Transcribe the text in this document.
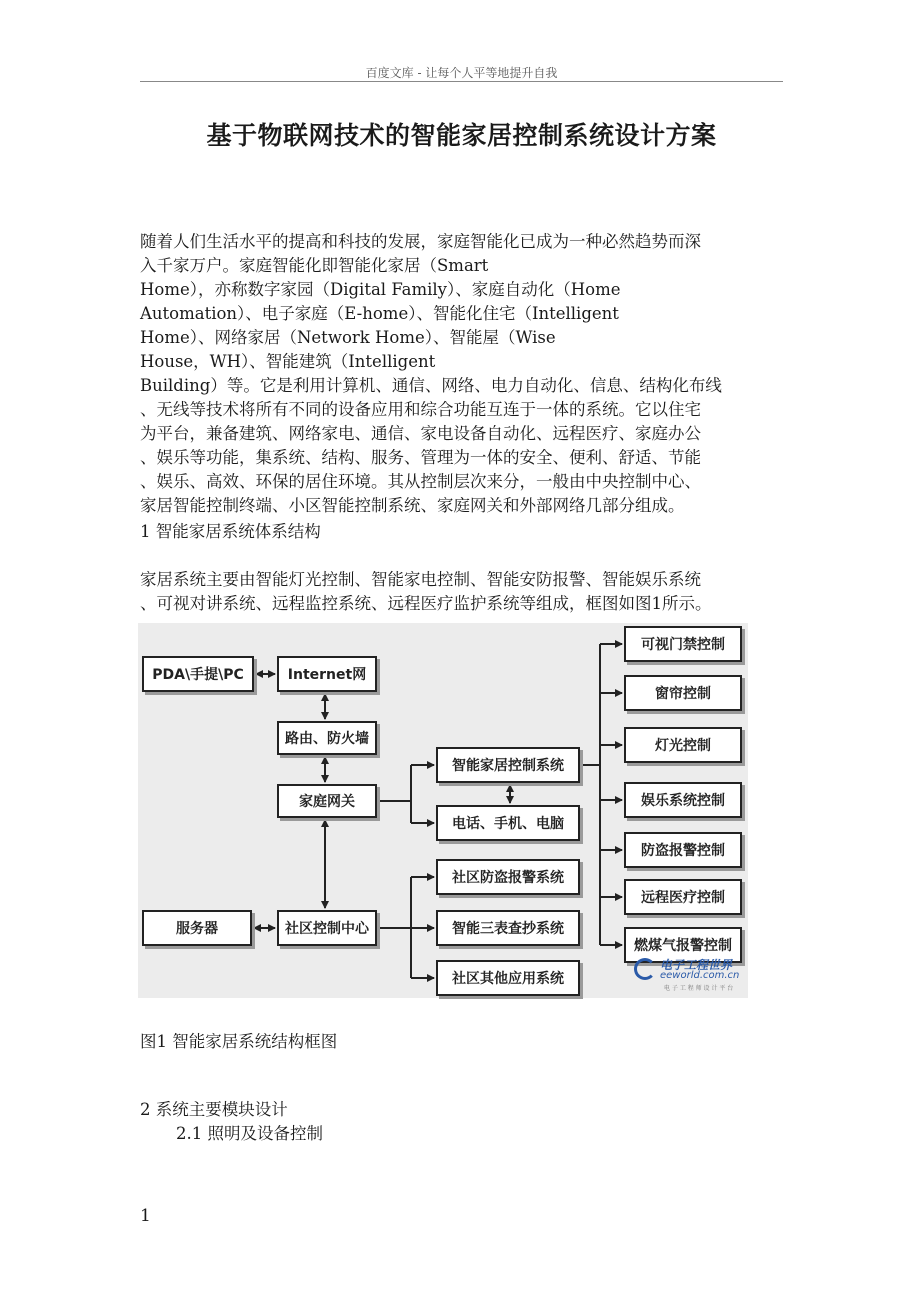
百度文库 - 让每个人平等地提升自我
基于物联网技术的智能家居控制系统设计方案
随着人们生活水平的提高和科技的发展，家庭智能化已成为一种必然趋势而深
入千家万户。家庭智能化即智能化家居（Smart
Home），亦称数字家园（Digital Family）、家庭自动化（Home
Automation）、电子家庭（E-home）、智能化住宅（Intelligent
Home）、网络家居（Network Home）、智能屋（Wise
House，WH）、智能建筑（Intelligent
Building）等。它是利用计算机、通信、网络、电力自动化、信息、结构化布线
、无线等技术将所有不同的设备应用和综合功能互连于一体的系统。它以住宅
为平台，兼备建筑、网络家电、通信、家电设备自动化、远程医疗、家庭办公
、娱乐等功能，集系统、结构、服务、管理为一体的安全、便利、舒适、节能
、娱乐、高效、环保的居住环境。其从控制层次来分，一般由中央控制中心、
家居智能控制终端、小区智能控制系统、家庭网关和外部网络几部分组成。
1 智能家居系统体系结构
家居系统主要由智能灯光控制、智能家电控制、智能安防报警、智能娱乐系统
、可视对讲系统、远程监控系统、远程医疗监护系统等组成，框图如图1所示。
PDA\手提\PC	Internet网
路由、防火墙
家庭网关
服务器	社区控制中心
智能家居控制系统
电话、手机、电脑
社区防盗报警系统
智能三表查抄系统
社区其他应用系统
可视门禁控制
窗帘控制
灯光控制
娱乐系统控制
防盗报警控制
远程医疗控制
燃煤气报警控制
电子工程世界
eeworld.com.cn
电 子 工 程 师 设 计 平 台
图1 智能家居系统结构框图
2 系统主要模块设计
2.1 照明及设备控制
1
